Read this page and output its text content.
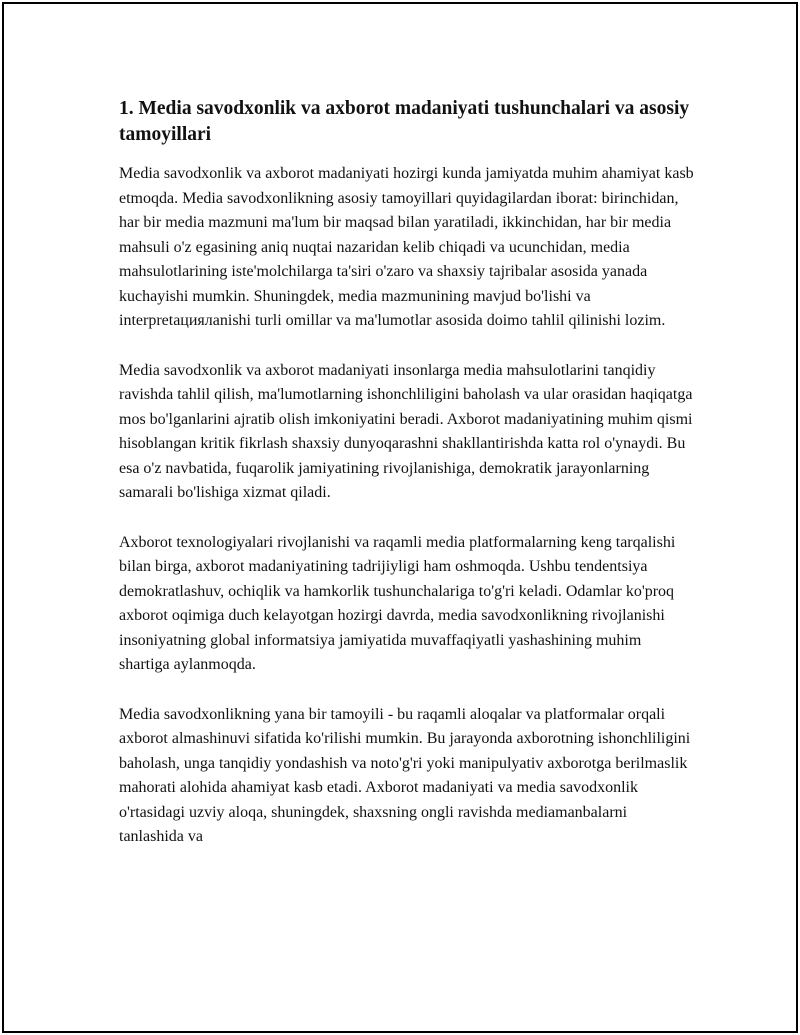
1. Media savodxonlik va axborot madaniyati tushunchalari va asosiy tamoyillari

Media savodxonlik va axborot madaniyati hozirgi kunda jamiyatda muhim ahamiyat kasb etmoqda. Media savodxonlikning asosiy tamoyillari quyidagilardan iborat: birinchidan, har bir media mazmuni ma'lum bir maqsad bilan yaratiladi, ikkinchidan, har bir media mahsuli o'z egasining aniq nuqtai nazaridan kelib chiqadi va ucunchidan, media mahsulotlarining iste'molchilarga ta'siri o'zaro va shaxsiy tajribalar asosida yanada kuchayishi mumkin. Shuningdek, media mazmunining mavjud bo'lishi va interpretациялanishi turli omillar va ma'lumotlar asosida doimo tahlil qilinishi lozim.

Media savodxonlik va axborot madaniyati insonlarga media mahsulotlarini tanqidiy ravishda tahlil qilish, ma'lumotlarning ishonchliligini baholash va ular orasidan haqiqatga mos bo'lganlarini ajratib olish imkoniyatini beradi. Axborot madaniyatining muhim qismi hisoblangan kritik fikrlash shaxsiy dunyoqarashni shakllantirishda katta rol o'ynaydi. Bu esa o'z navbatida, fuqarolik jamiyatining rivojlanishiga, demokratik jarayonlarning samarali bo'lishiga xizmat qiladi.

Axborot texnologiyalari rivojlanishi va raqamli media platformalarning keng tarqalishi bilan birga, axborot madaniyatining tadrijiyligi ham oshmoqda. Ushbu tendentsiya demokratlashuv, ochiqlik va hamkorlik tushunchalariga to'g'ri keladi. Odamlar ko'proq axborot oqimiga duch kelayotgan hozirgi davrda, media savodxonlikning rivojlanishi insoniyatning global informatsiya jamiyatida muvaffaqiyatli yashashining muhim shartiga aylanmoqda.

Media savodxonlikning yana bir tamoyili - bu raqamli aloqalar va platformalar orqali axborot almashinuvi sifatida ko'rilishi mumkin. Bu jarayonda axborotning ishonchliligini baholash, unga tanqidiy yondashish va noto'g'ri yoki manipulyativ axborotga berilmaslik mahorati alohida ahamiyat kasb etadi. Axborot madaniyati va media savodxonlik o'rtasidagi uzviy aloqa, shuningdek, shaxsning ongli ravishda mediamanbalarni tanlashida va
